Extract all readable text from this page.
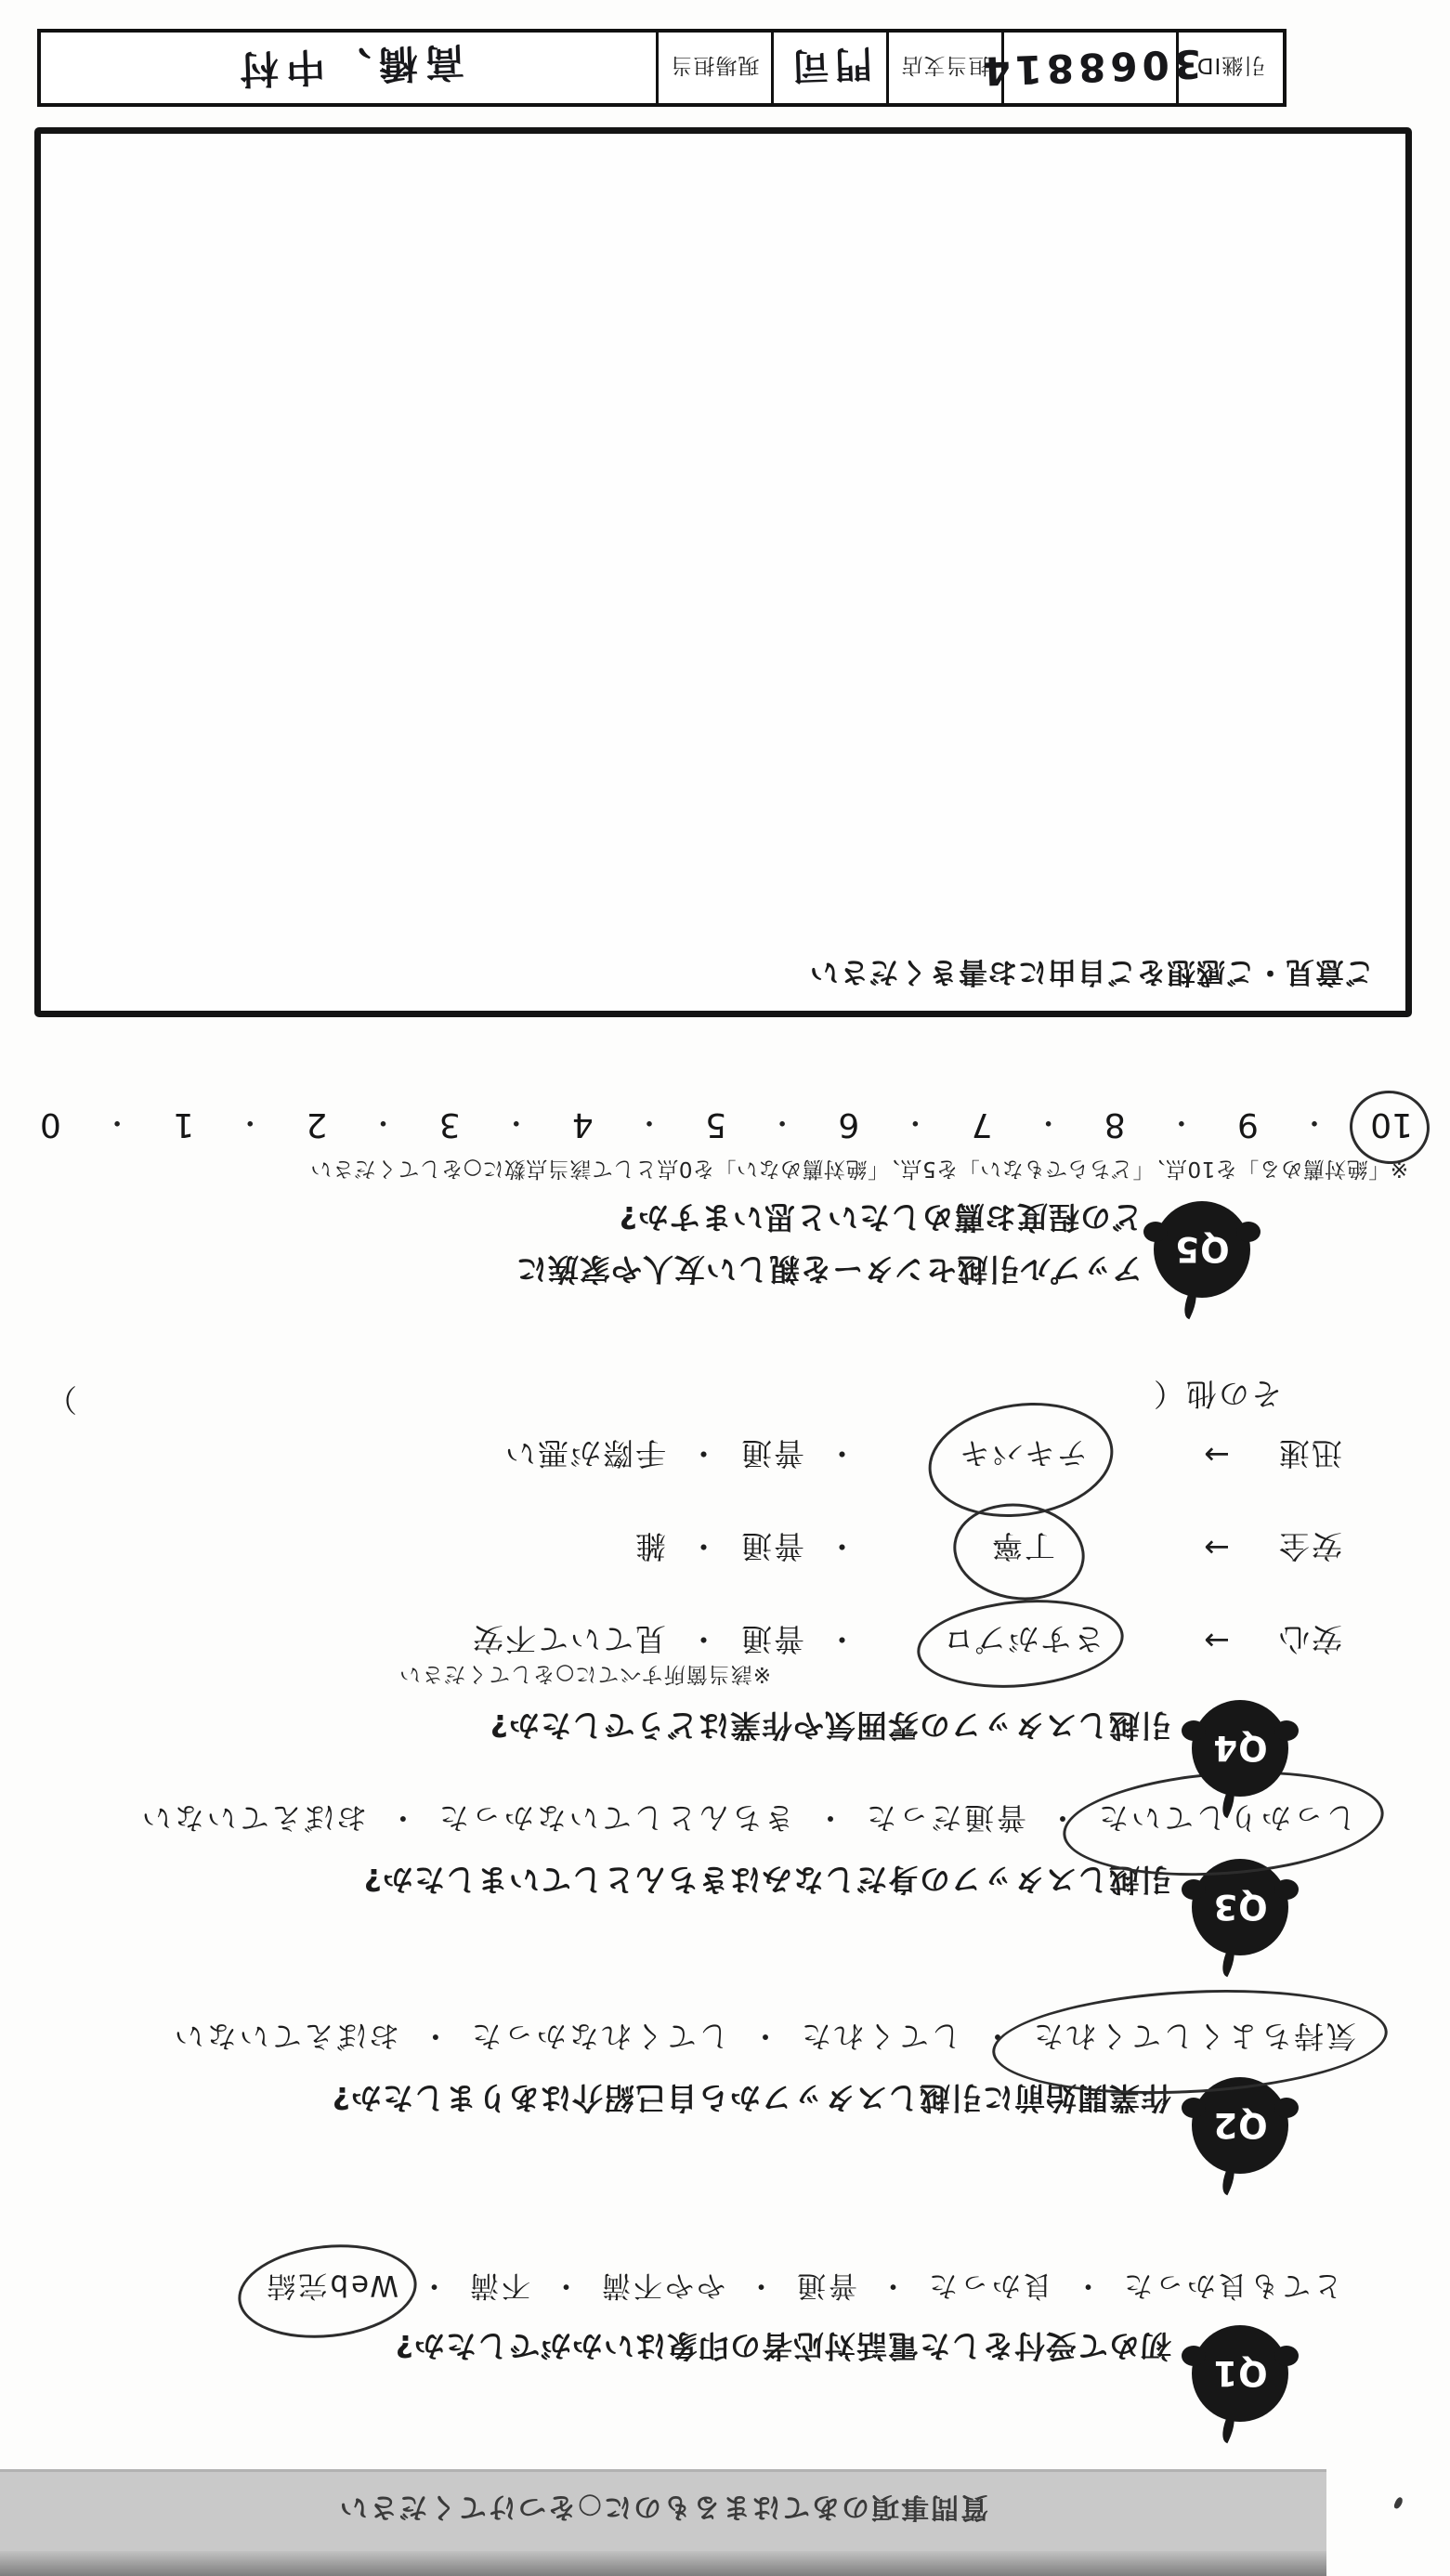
質問事項のあてはまるものに○をつけてください
Q1
初めて受付をした電話対応者の印象はいかがでしたか?
とても良かった
・
良かった
・
普通
・
やや不満
・
不満
・
Web完結
Q2
作業開始前に引越しスタッフから自己紹介はありましたか?
気持ちよくしてくれた
・
してくれた
・
してくれなかった
・
おぼえていない
Q3
引越しスタッフの身だしなみはきちんとしていましたか?
しっかりしていた
・
普通だった
・
きちんとしていなかった
・
おぼえていない
Q4
引越しスタッフの雰囲気や作業はどうでしたか?
※該当箇所すべてに○をしてください
安心
→
さすがプロ
・
普通
・
見ていて不安
安全
→
丁寧
・
普通
・
雑
迅速
→
テキパキ
・
普通
・
手際が悪い
その他（
）
Q5
アップル引越センターを親しい友人や家族に
どの程度お薦めしたいと思いますか?
※「絶対薦める」を10点、「どちらでもない」を5点、「絶対薦めない」を0点として該当点数に○をしてください
10
・
9
・
8
・
7
・
6
・
5
・
4
・
3
・
2
・
1
・
0
ご意見・ご感想をご自由にお書きください
引継ID
3068814
担当支店
門司
現場担当
高橋、中村
